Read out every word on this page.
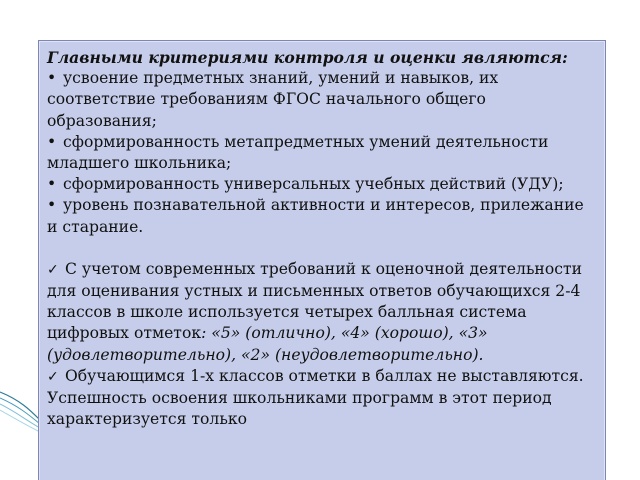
Главными критериями контроля и оценки являются:

• усвоение предметных знаний, умений и навыков, их соответствие требованиям ФГОС начального общего образования;

• сформированность метапредметных умений деятельности младшего школьника;

• сформированность универсальных учебных действий (УДУ);

• уровень познавательной активности и интересов, прилежание и старание.

✓ С учетом современных требований к оценочной деятельности для оценивания устных и письменных ответов обучающихся 2-4 классов в школе используется четырех балльная система цифровых отметок: «5» (отлично), «4» (хорошо), «3» (удовлетворительно), «2» (неудовлетворительно).

✓ Обучающимся 1-х классов отметки в баллах не выставляются. Успешность освоения школьниками программ в этот период характеризуется только
